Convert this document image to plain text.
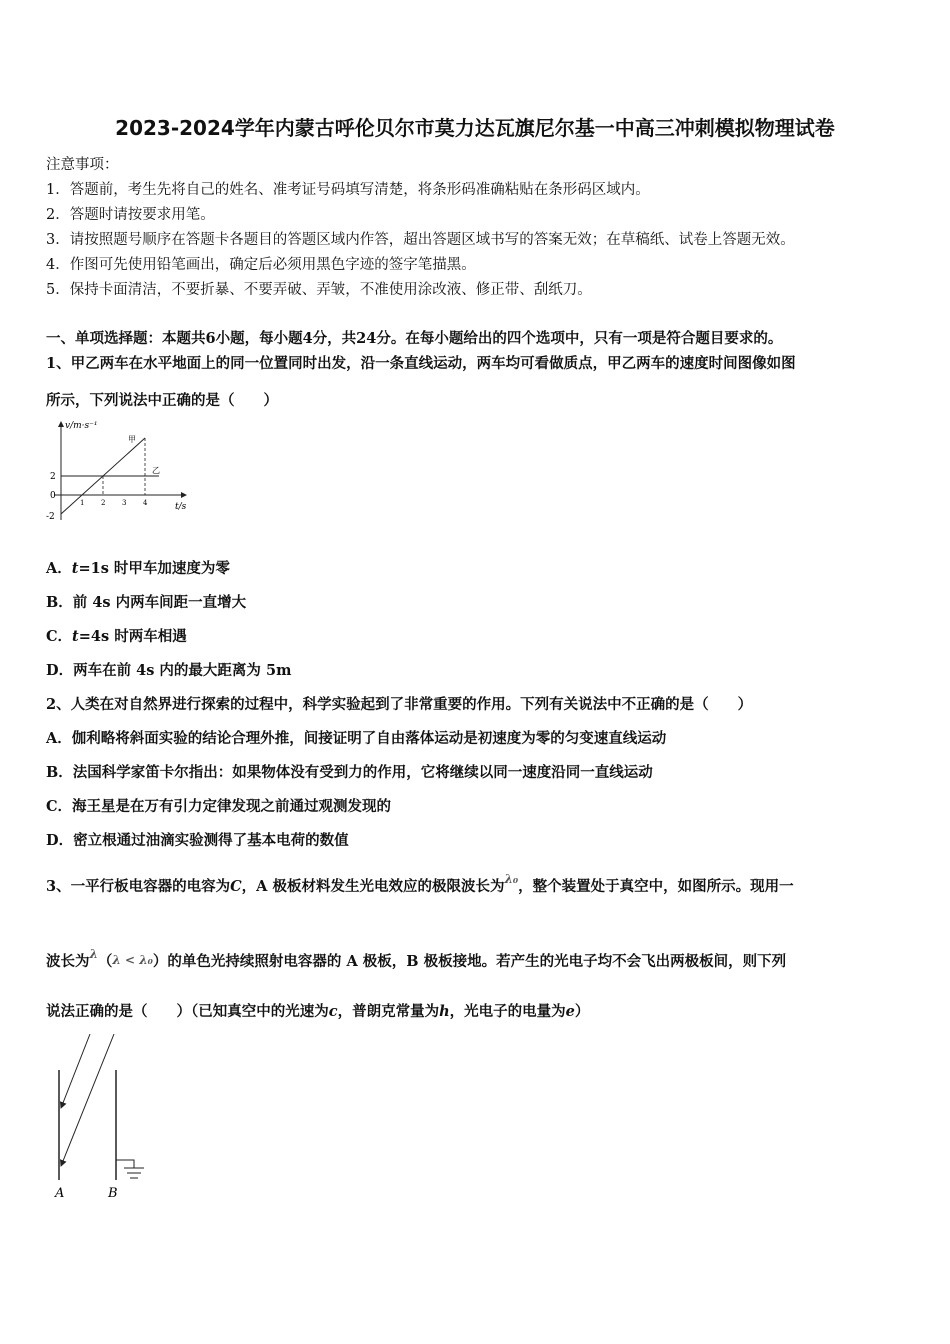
2023-2024学年内蒙古呼伦贝尔市莫力达瓦旗尼尔基一中高三冲刺模拟物理试卷
注意事项：
1．答题前，考生先将自己的姓名、准考证号码填写清楚，将条形码准确粘贴在条形码区域内。
2．答题时请按要求用笔。
3．请按照题号顺序在答题卡各题目的答题区域内作答，超出答题区域书写的答案无效；在草稿纸、试卷上答题无效。
4．作图可先使用铅笔画出，确定后必须用黑色字迹的签字笔描黑。
5．保持卡面清洁，不要折暴、不要弄破、弄皱，不准使用涂改液、修正带、刮纸刀。
一、单项选择题：本题共6小题，每小题4分，共24分。在每小题给出的四个选项中，只有一项是符合题目要求的。
1、甲乙两车在水平地面上的同一位置同时出发，沿一条直线运动，两车均可看做质点，甲乙两车的速度时间图像如图
所示，下列说法中正确的是（　　）
v/m·s⁻¹
t/s
甲
乙
2
0
-2
1 2 3 4
A．t=1s 时甲车加速度为零
B．前 4s 内两车间距一直增大
C．t=4s 时两车相遇
D．两车在前 4s 内的最大距离为 5m
2、人类在对自然界进行探索的过程中，科学实验起到了非常重要的作用。下列有关说法中不正确的是（　　）
A．伽利略将斜面实验的结论合理外推，间接证明了自由落体运动是初速度为零的匀变速直线运动
B．法国科学家笛卡尔指出：如果物体没有受到力的作用，它将继续以同一速度沿同一直线运动
C．海王星是在万有引力定律发现之前通过观测发现的
D．密立根通过油滴实验测得了基本电荷的数值
3、一平行板电容器的电容为C，A 极板材料发生光电效应的极限波长为$^{\lambda_0}$，整个装置处于真空中，如图所示。现用一
波长为$^\lambda$（λ < λ₀）的单色光持续照射电容器的 A 极板，B 极板接地。若产生的光电子均不会飞出两极板间，则下列
说法正确的是（　　）（已知真空中的光速为c，普朗克常量为h，光电子的电量为e）
A	B
